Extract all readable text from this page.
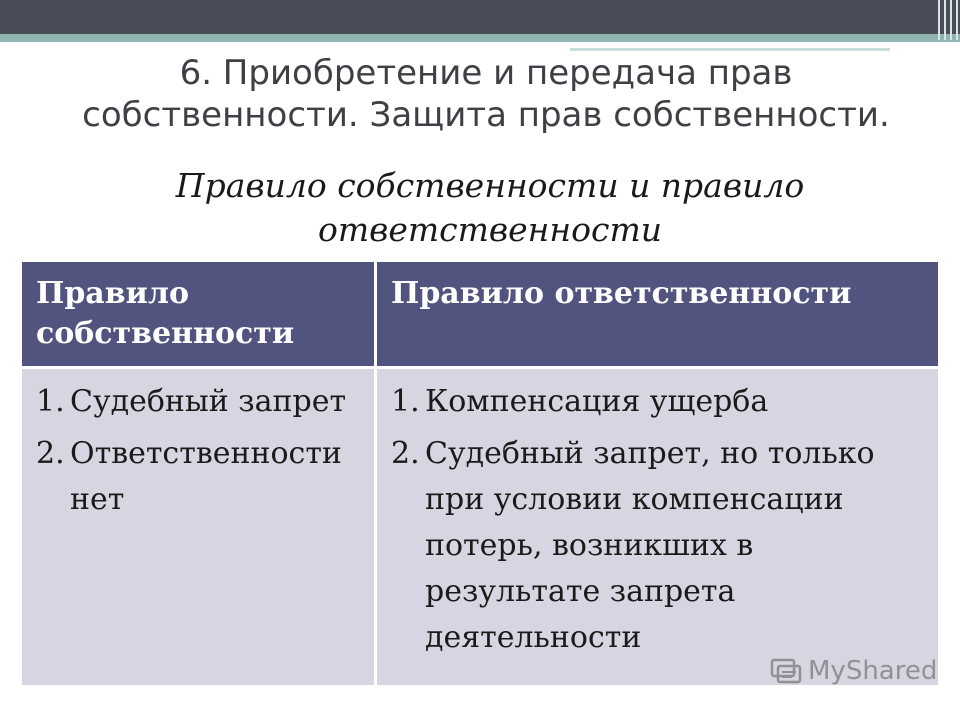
6. Приобретение и передача прав
собственности. Защита прав собственности.
Правило собственности и правило
ответственности
Правило собственности
Правило ответственности
1. Судебный запрет
2. Ответственности нет
1. Компенсация ущерба
2. Судебный запрет, но только при условии компенсации потерь, возникших в результате запрета деятельности
MyShared
